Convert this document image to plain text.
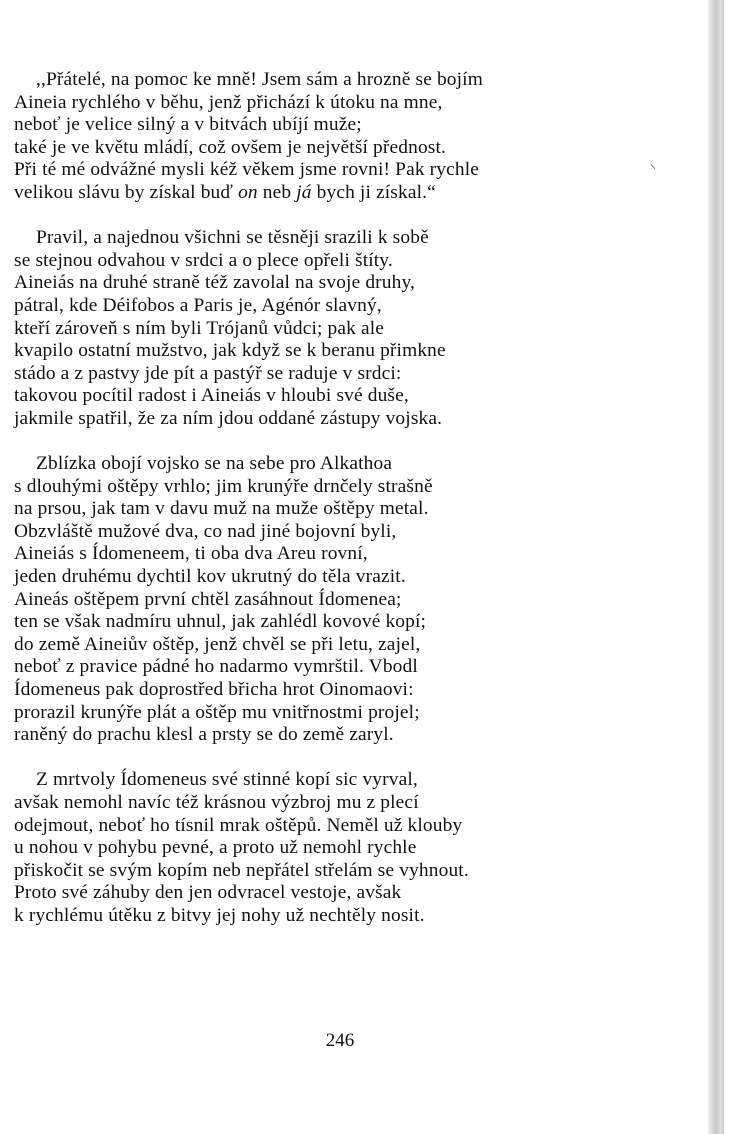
⸌
,,Přátelé, na pomoc ke mně! Jsem sám a hrozně se bojím
Aineia rychlého v běhu, jenž přichází k útoku na mne,
neboť je velice silný a v bitvách ubíjí muže;
také je ve květu mládí, což ovšem je největší přednost.
Při té mé odvážné mysli kéž věkem jsme rovni! Pak rychle
velikou slávu by získal buď on neb já bych ji získal.“
Pravil, a najednou všichni se těsněji srazili k sobě
se stejnou odvahou v srdci a o plece opřeli štíty.
Aineiás na druhé straně též zavolal na svoje druhy,
pátral, kde Déifobos a Paris je, Agénór slavný,
kteří zároveň s ním byli Trójanů vůdci; pak ale
kvapilo ostatní mužstvo, jak když se k beranu přimkne
stádo a z pastvy jde pít a pastýř se raduje v srdci:
takovou pocítil radost i Aineiás v hloubi své duše,
jakmile spatřil, že za ním jdou oddané zástupy vojska.
Zblízka obojí vojsko se na sebe pro Alkathoa
s dlouhými oštěpy vrhlo; jim krunýře drnčely strašně
na prsou, jak tam v davu muž na muže oštěpy metal.
Obzvláště mužové dva, co nad jiné bojovní byli,
Aineiás s Ídomeneem, ti oba dva Areu rovní,
jeden druhému dychtil kov ukrutný do těla vrazit.
Aineás oštěpem první chtěl zasáhnout Ídomenea;
ten se však nadmíru uhnul, jak zahlédl kovové kopí;
do země Aineiův oštěp, jenž chvěl se při letu, zajel,
neboť z pravice pádné ho nadarmo vymrštil. Vbodl
Ídomeneus pak doprostřed břicha hrot Oinomaovi:
prorazil krunýře plát a oštěp mu vnitřnostmi projel;
raněný do prachu klesl a prsty se do země zaryl.
Z mrtvoly Ídomeneus své stinné kopí sic vyrval,
avšak nemohl navíc též krásnou výzbroj mu z plecí
odejmout, neboť ho tísnil mrak oštěpů. Neměl už klouby
u nohou v pohybu pevné, a proto už nemohl rychle
přiskočit se svým kopím neb nepřátel střelám se vyhnout.
Proto své záhuby den jen odvracel vestoje, avšak
k rychlému útěku z bitvy jej nohy už nechtěly nosit.
246
